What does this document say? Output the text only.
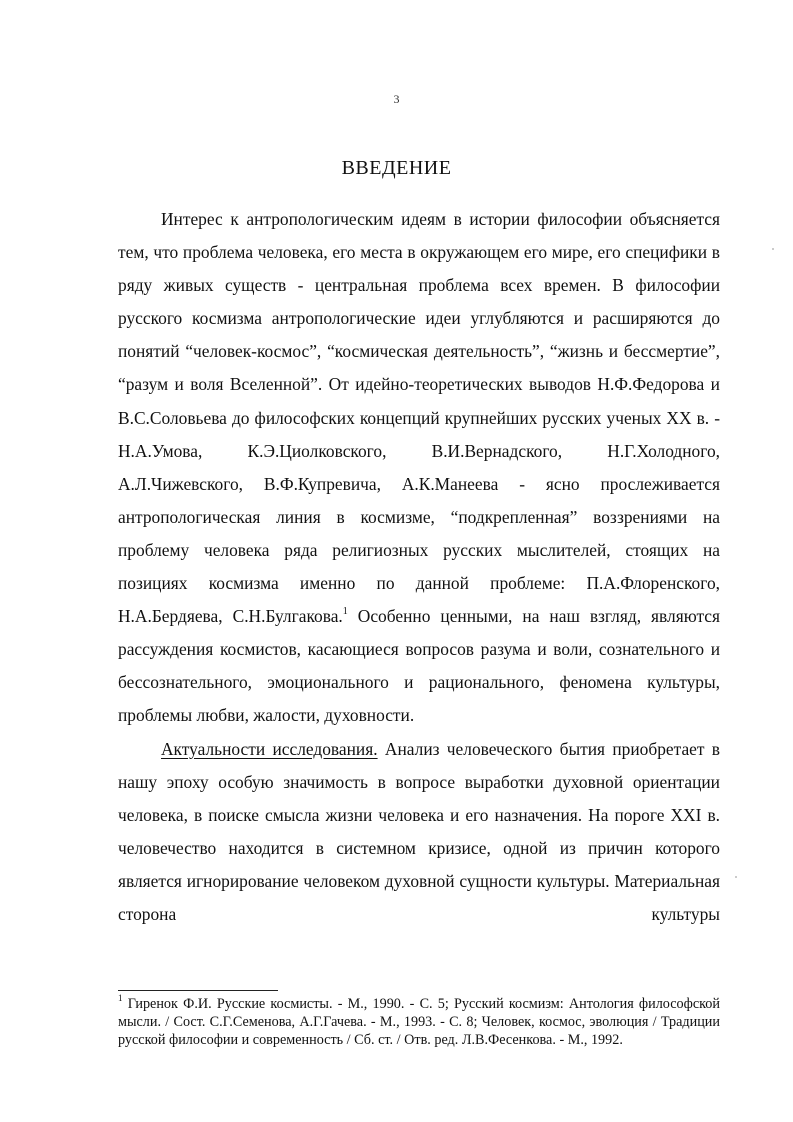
3
ВВЕДЕНИЕ

Интерес к антропологическим идеям в истории философии объясняется тем, что проблема человека, его места в окружающем его мире, его специфики в ряду живых существ - центральная проблема всех времен. В философии русского космизма антропологические идеи углубляются и расширяются до понятий “человек-космос”, “космическая деятельность”, “жизнь и бессмертие”, “разум и воля Вселенной”. От идейно-теоретических выводов Н.Ф.Федорова и В.С.Соловьева до философских концепций крупнейших русских ученых XX в. - Н.А.Умова, К.Э.Циолковского, В.И.Вернадского, Н.Г.Холодного, А.Л.Чижевского, В.Ф.Купревича, А.К.Манеева - ясно прослеживается антропологическая линия в космизме, “подкрепленная” воззрениями на проблему человека ряда религиозных русских мыслителей, стоящих на позициях космизма именно по данной проблеме: П.А.Флоренского, Н.А.Бердяева, С.Н.Булгакова.$^1$ Особенно ценными, на наш взгляд, являются рассуждения космистов, касающиеся вопросов разума и воли, сознательного и бессознательного, эмоционального и рационального, феномена культуры, проблемы любви, жалости, духовности.

Актуальности исследования. Анализ человеческого бытия приобретает в нашу эпоху особую значимость в вопросе выработки духовной ориентации человека, в поиске смысла жизни человека и его назначения. На пороге XXI в. человечество находится в системном кризисе, одной из причин которого является игнорирование человеком духовной сущности культуры. Материальная сторона культуры

$^1$ Гиренок Ф.И. Русские космисты. - М., 1990. - С. 5; Русский космизм: Антология философской мысли. / Сост. С.Г.Семенова, А.Г.Гачева. - М., 1993. - С. 8; Человек, космос, эволюция / Традиции русской философии и современность / Сб. ст. / Отв. ред. Л.В.Фесенкова. - М., 1992.
